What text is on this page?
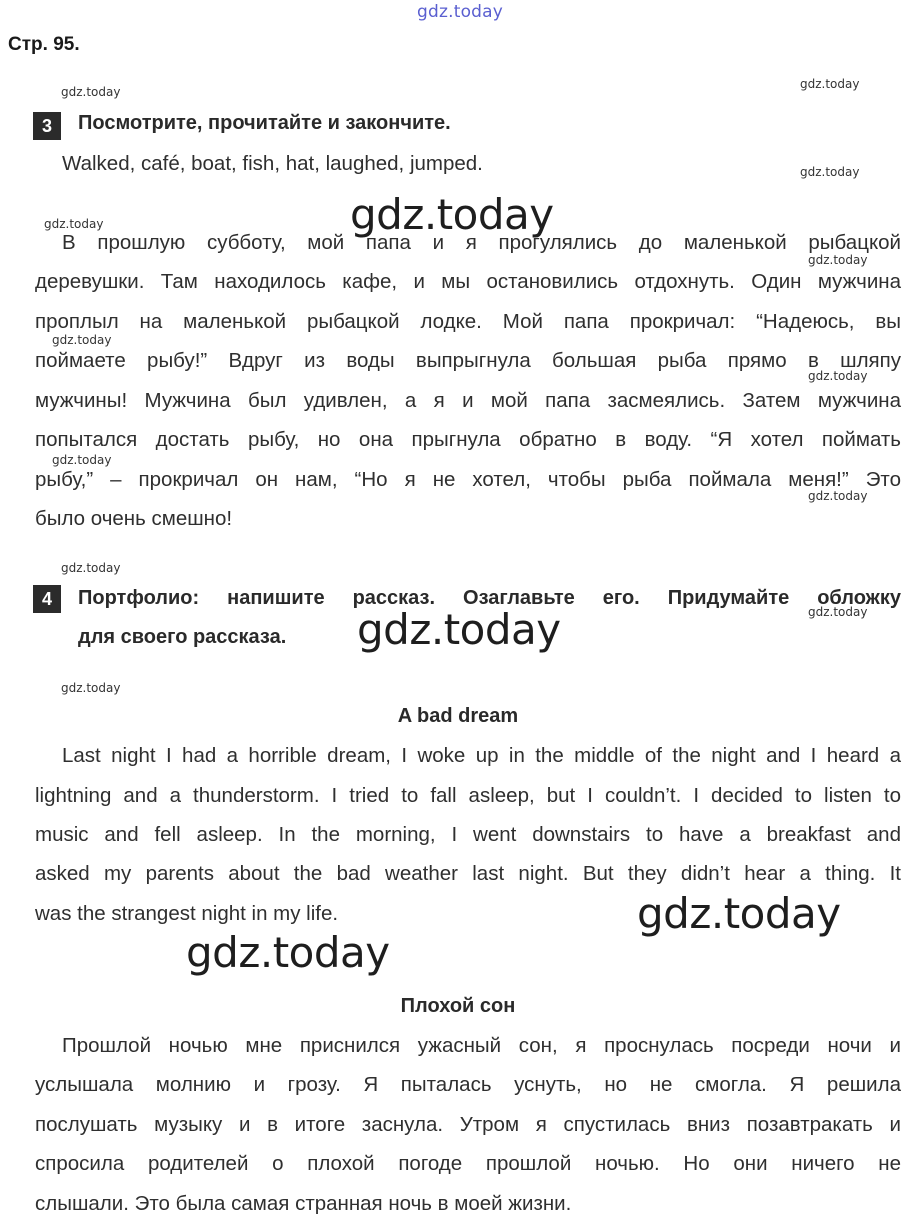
gdz.today
Стр. 95.
gdz.today
gdz.today
gdz.today
gdz.today
gdz.today
gdz.today
gdz.today
gdz.today
gdz.today
gdz.today
gdz.today
gdz.today
gdz.today
gdz.today
gdz.today
gdz.today
3	Посмотрите, прочитайте и закончите.
Walked, café, boat, fish, hat, laughed, jumped.
В прошлую субботу, мой папа и я прогулялись до маленькой рыбацкой
деревушки. Там находилось кафе, и мы остановились отдохнуть. Один мужчина
проплыл на маленькой рыбацкой лодке. Мой папа прокричал: “Надеюсь, вы
поймаете рыбу!” Вдруг из воды выпрыгнула большая рыба прямо в шляпу
мужчины! Мужчина был удивлен, а я и мой папа засмеялись. Затем мужчина
попытался достать рыбу, но она прыгнула обратно в воду. “Я хотел поймать
рыбу,” – прокричал он нам, “Но я не хотел, чтобы рыба поймала меня!” Это
было очень смешно!
4	Портфолио: напишите рассказ. Озаглавьте его. Придумайте обложку
для своего рассказа.
A bad dream
Last night I had a horrible dream, I woke up in the middle of the night and I heard a
lightning and a thunderstorm. I tried to fall asleep, but I couldn’t. I decided to listen to
music and fell asleep. In the morning, I went downstairs to have a breakfast and
asked my parents about the bad weather last night. But they didn’t hear a thing. It
was the strangest night in my life.
Плохой сон
Прошлой ночью мне приснился ужасный сон, я проснулась посреди ночи и
услышала молнию и грозу. Я пыталась уснуть, но не смогла. Я решила
послушать музыку и в итоге заснула. Утром я спустилась вниз позавтракать и
спросила родителей о плохой погоде прошлой ночью. Но они ничего не
слышали. Это была самая странная ночь в моей жизни.
